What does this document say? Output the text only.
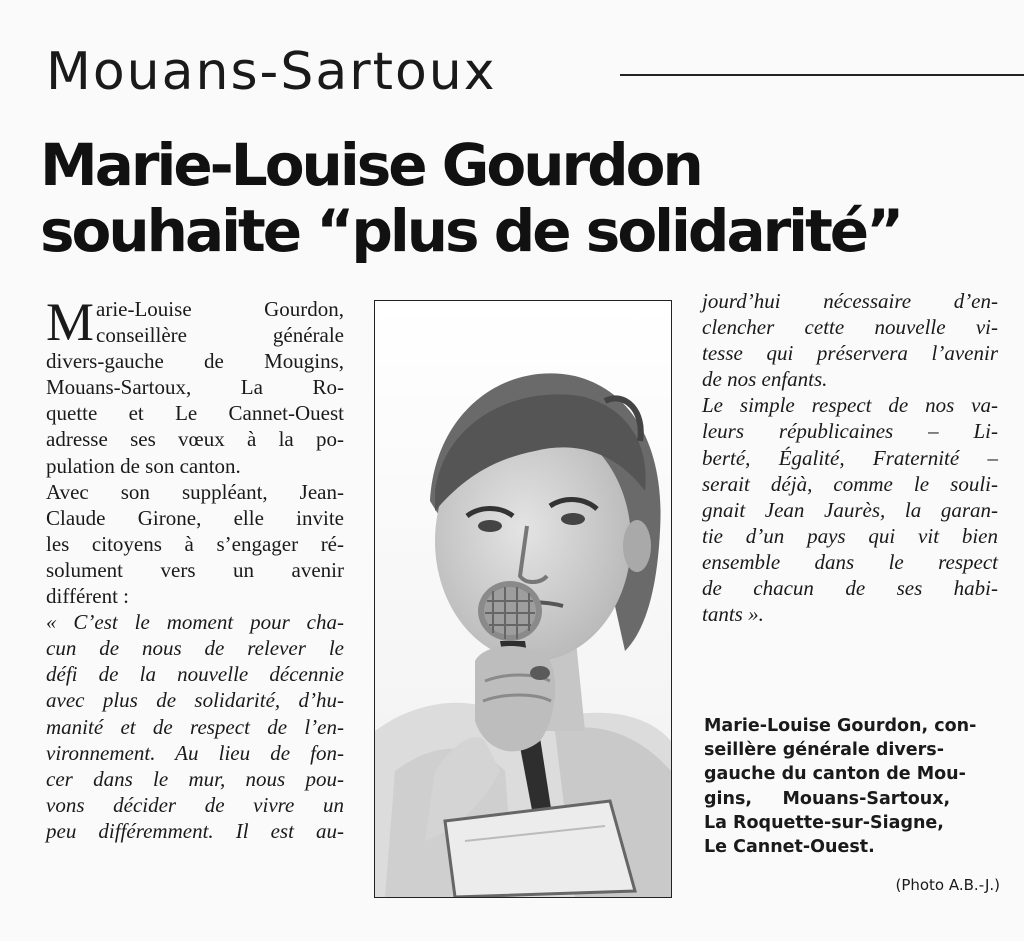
Mouans-Sartoux
Marie-Louise Gourdon
souhaite “plus de solidarité”
M arie-Louise Gourdon,
conseillère générale
divers-gauche de Mougins,
Mouans-Sartoux, La Ro-
quette et Le Cannet-Ouest
adresse ses vœux à la po-
pulation de son canton.
Avec son suppléant, Jean-
Claude Girone, elle invite
les citoyens à s’engager ré-
solument vers un avenir
différent :
« C’est le moment pour cha-
cun de nous de relever le
défi de la nouvelle décennie
avec plus de solidarité, d’hu-
manité et de respect de l’en-
vironnement. Au lieu de fon-
cer dans le mur, nous pou-
vons décider de vivre un
peu différemment. Il est au-
jourd’hui nécessaire d’en-
clencher cette nouvelle vi-
tesse qui préservera l’avenir
de nos enfants.
Le simple respect de nos va-
leurs républicaines – Li-
berté, Égalité, Fraternité –
serait déjà, comme le souli-
gnait Jean Jaurès, la garan-
tie d’un pays qui vit bien
ensemble dans le respect
de chacun de ses habi-
tants ».
Marie-Louise Gourdon, con-
seillère générale divers-
gauche du canton de Mou-
gins,     Mouans-Sartoux,
La Roquette-sur-Siagne,
Le Cannet-Ouest.
(Photo A.B.-J.)
